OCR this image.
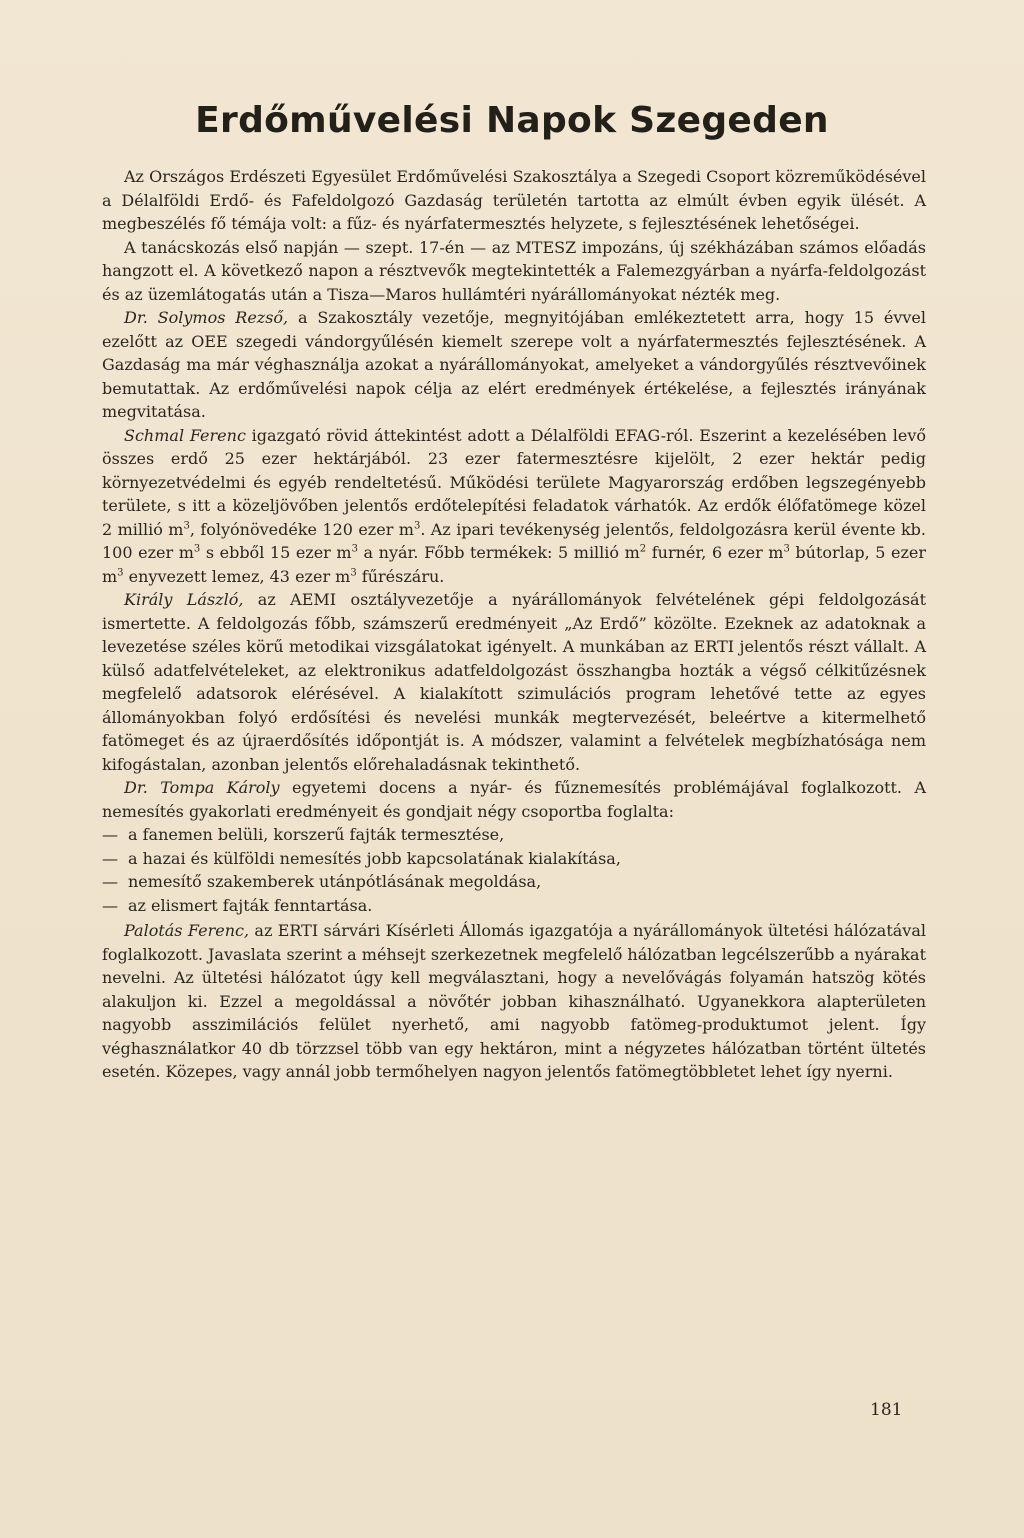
Erdőművelési Napok Szegeden

Az Országos Erdészeti Egyesület Erdőművelési Szakosztálya a Szegedi Csoport közreműködésével a Délalföldi Erdő- és Fafeldolgozó Gazdaság területén tartotta az elmúlt évben egyik ülését. A megbeszélés fő témája volt: a fűz- és nyárfatermesztés helyzete, s fejlesztésének lehetőségei.

A tanácskozás első napján — szept. 17-én — az MTESZ impozáns, új székházában számos előadás hangzott el. A következő napon a résztvevők megtekintették a Falemezgyárban a nyárfa-feldolgozást és az üzemlátogatás után a Tisza—Maros hullámtéri nyárállományokat nézték meg.

Dr. Solymos Rezső, a Szakosztály vezetője, megnyitójában emlékeztetett arra, hogy 15 évvel ezelőtt az OEE szegedi vándorgyűlésén kiemelt szerepe volt a nyárfatermesztés fejlesztésének. A Gazdaság ma már véghasználja azokat a nyárállományokat, amelyeket a vándorgyűlés résztvevőinek bemutattak. Az erdőművelési napok célja az elért eredmények értékelése, a fejlesztés irányának megvitatása.

Schmal Ferenc igazgató rövid áttekintést adott a Délalföldi EFAG-ról. Eszerint a kezelésében levő összes erdő 25 ezer hektárjából. 23 ezer fatermesztésre kijelölt, 2 ezer hektár pedig környezetvédelmi és egyéb rendeltetésű. Működési területe Magyarország erdőben legszegényebb területe, s itt a közeljövőben jelentős erdőtelepítési feladatok várhatók. Az erdők élőfatömege közel 2 millió $m^3$, folyónövedéke 120 ezer $m^3$. Az ipari tevékenység jelentős, feldolgozásra kerül évente kb. 100 ezer $m^3$ s ebből 15 ezer $m^3$ a nyár. Főbb termékek: 5 millió $m^2$ furnér, 6 ezer $m^3$ bútorlap, 5 ezer $m^3$ enyvezett lemez, 43 ezer $m^3$ fűrészáru.

Király László, az AEMI osztályvezetője a nyárállományok felvételének gépi feldolgozását ismertette. A feldolgozás főbb, számszerű eredményeit „Az Erdő” közölte. Ezeknek az adatoknak a levezetése széles körű metodikai vizsgálatokat igényelt. A munkában az ERTI jelentős részt vállalt. A külső adatfelvételeket, az elektronikus adatfeldolgozást összhangba hozták a végső célkitűzésnek megfelelő adatsorok elérésével. A kialakított szimulációs program lehetővé tette az egyes állományokban folyó erdősítési és nevelési munkák megtervezését, beleértve a kitermelhető fatömeget és az újraerdősítés időpontját is. A módszer, valamint a felvételek megbízhatósága nem kifogástalan, azonban jelentős előrehaladásnak tekinthető.

Dr. Tompa Károly egyetemi docens a nyár- és fűznemesítés problémájával foglalkozott. A nemesítés gyakorlati eredményeit és gondjait négy csoportba foglalta:

— a fanemen belüli, korszerű fajták termesztése,
— a hazai és külföldi nemesítés jobb kapcsolatának kialakítása,
— nemesítő szakemberek utánpótlásának megoldása,
— az elismert fajták fenntartása.

Palotás Ferenc, az ERTI sárvári Kísérleti Állomás igazgatója a nyárállományok ültetési hálózatával foglalkozott. Javaslata szerint a méhsejt szerkezetnek megfelelő hálózatban legcélszerűbb a nyárakat nevelni. Az ültetési hálózatot úgy kell megválasztani, hogy a nevelővágás folyamán hatszög kötés alakuljon ki. Ezzel a megoldással a növőtér jobban kihasználható. Ugyanekkora alapterületen nagyobb asszimilációs felület nyerhető, ami nagyobb fatömeg-produktumot jelent. Így véghasználatkor 40 db törzzsel több van egy hektáron, mint a négyzetes hálózatban történt ültetés esetén. Közepes, vagy annál jobb termőhelyen nagyon jelentős fatömegtöbbletet lehet így nyerni.

181
